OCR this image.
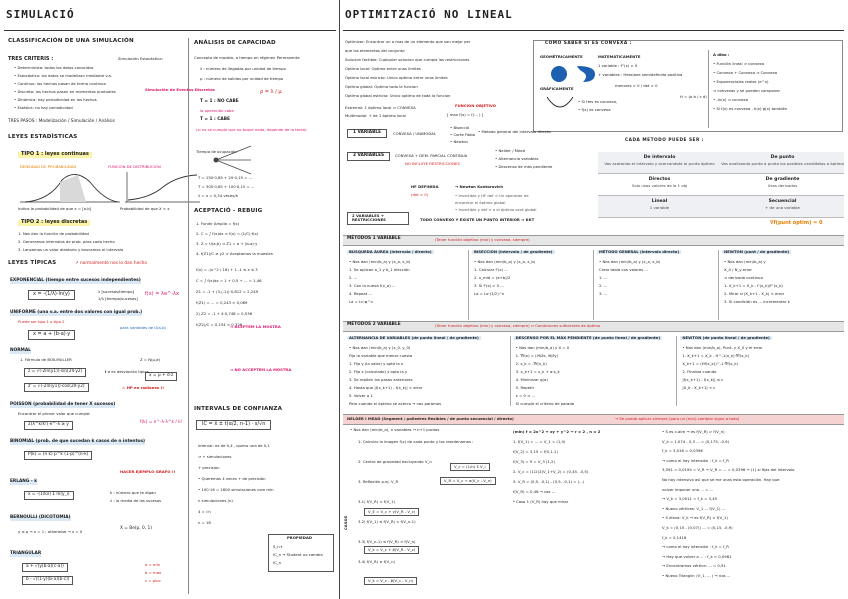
SIMULACIÓ
CLASSIFICACIÓN DE UNA SIMULACIÓN
TRES CRITERIS :
• Determinista: todos los datos conocidos
• Estocástico: los datos se modelizan mediante v.a.
• Continuo: los hechos pasan de forma continua
• Discreto: los hechos pasan en momentos puntuales
• Dinámica: hay periodicidad en los hechos
• Estática: no hay periodicidad
Simulación Estocástica:
Simulación de Eventos Discretos
TRES PASOS : Modelización / Simulación / Análisis
LEYES ESTADÍSTICAS
TIPO 1 : leyes continuas
DENSIDAD DE PROBABILIDAD	FUNCIÓN DE DISTRIBUCIÓN
Indica la probabilidad de que x = [a,b]	Probabilidad de que X < x
TIPO 2 : leyes discretas
1. Nos dan la función de probabilidad
2. Generamos intervalos de prob. para cada hecho
3. Lanzamos un valor aleatorio y buscamos el intervalo
LEYES TÍPICAS	↗ normalmente nos lo dan hecho
EXPONENCIAL (tiempo entre sucesos independientes)
x = -(1/λ)·ln(y)	λ [sucesos/tiempo]
1/λ [tiempo/sucesos]
f(x) = λe^-λx
UNIFORME (una v.a. entre dos valores con igual prob.)
Puede ser tipo 1 o tipo 2
x = a + (b-a)·y
para variables de U(a,b)
NORMAL
1. Fórmula de BOX-MULLER	Z = N(μ,σ)
z = √(-2ln(y1))·sin(2π·y2)
z' = √(-2ln(y1))·cos(2π·y2)
x = μ + σ·z
ℹ σ es desviación típica
⚠ HP en radianes !!
POISSON (probabilidad de tener X sucesos)
Encontrar el primer valor que cumple:
Σ(λ^k/k!)·e^-λ ≥ y	f(k) = e^-λ·λ^k / k!
BINOMIAL (prob. de que sucedan k casos de n intentos)
P(k) = (n k) p^k (1-p)^(n-k)
HACER EJEMPLO GRAFO !!
ERLANG - k
x = -(1/kλ) Σ ln(y_i)	k : número que te digan
λ : la media de los sucesos
BERNOULLI (DICOTOMIA)
X = Be(p, 0, 1)
y ≤ p → x = 1 ; otherwise → x = 0
TRIANGULAR
a + √(y(b-a)(c-a))
b - √((1-y)(b-a)(b-c))
a = min
b = max
c = pico
ANÁLISIS DE CAPACIDAD
Concepto de modelo, a tiempo en régimen Permanente
λ : número de llegadas por unidad de tiempo
μ : número de salidas por unidad de tiempo
ρ = λ / μ
T = 1 : NO CABE
la operación cabe
T = 1 : CABE
(si no se cumple que no toque nada, depende de la tarea)
Tiempo de ocupación
T = 150·0,85 + 20·0,15 = ...
T = 300·0,85 + 100·0,15 = ...
λ = x = 0,34 veces/h
ACEPTACIÓ - REBUIG
1. Fundir Amplia = f(x)
2. C = ∫ f(x)dx ⇒ f(x) = (1/C)·f(x)
3. Z = U(a,b) ⇒ Z1 = a + (b-a)·y
4. f(Z1)/C ≥ y2 ⇒ Aceptamos la muestra
f(x) = -(x^2 / 16) + 1 -1 ≤ x ≤ 3
C = ∫ f(x)dx = 1 + 0,5 + ... = 1,46
Z1 = -1 + (3-(-1))·0,812 = 2,249
f(Z1) = ... = 0,243 > 0,069
2) Z2 = -1 + 4·0,748 = 0,536
f(Z2)/C = 0,154 < 0,326
⇒ ACEPTEM LA MOSTRA
⇒ NO ACCEPTEM LA MOSTRA
INTERVALS DE CONFIANZA
IC = x̄ ± t(α/2, n-1) · s/√n
interval: ex de 0,4 , quiero una de 0,1
⇒ + simulaciones
+ precision
• Queremos 4 veces + de precisión
• 100·16 = 1600 simulaciones com mín
n simulaciones (n)
4 = √n
n = 16
PROPIEDAD
S_n·t
IC_n → Student no cambia
IC_n
OPTIMITZACIÓ NO LINEAL
Optimizar: Encontrar un o mas de un elemento que son mejor per
que los elementos del conjunto
Solucion factible: Cualquier solucion que cumpla las restricciones
Optimo local: Optimo entre unos limites
Optimo local estricto: Unico optimo entre unos limites
Optimo global: Optimo todo la funcion
Optimo global estricto: Unico optimo de toda la funcion
Extremal: 1 óptimo local ⇒ CONVEXA
Multimodal: + de 1 óptimo local
FUNCIÓN OBJETIVO
[ max f(x) = f(... ) ]
COMO SABER SI ES CONVEXA :
GEOMÉTRICAMENTE
GRÁFICAMENTE
• Si Hes es convexa,
• f(x) es convexa
MATEMÁTICAMENTE
1 variable : f''(x) > 0
+ variables : Hessiana semidefinida positiva
menores > 0 / det > 0
H = (a b / c d)
A dibo :
• Función lineal ⇒ convexa
• Convexa + Convexa ⇒ Convexa
• Exponenciales reales (e^x)
⇒ convexas y se pueden componer
• -ln(x) ⇒ convexa
• Si f(x) es convexa , h(x)·g(x) también
1 VARIABLE	CONVEXA / UNIMODAL
• Bisecció
• Corte Fibbo
• Newton
• Metodo general del intervalo directo
2 VARIABLES	CONVEXA + DEM. PARCIAL CONTINUA
NO INCLUYE RESTRICCIONES
• Nelder / Mead
• Alternancia variables
• Descenso de más pendiente
HF DEFINIDA
(det > 0)
→ Newton Kantorovich
• Invertible y HF def ⇒ Un operador de
encontrar el óptimo global
• Invertible y def ⇒ o el óptimo será global
2 VARIABLES + RESTRICCIONES	TODO CONVEXO Y EXISTE UN PUNTO INTERIOR ⇒ KKT
CADA METODO PUEDE SER :
De intervalo
Vas acotando el intervalo y acercandote al punto óptimo
De punto
Vas analizando punto a punto los posibles candidatos a óptimo
Directos
Solo usas valores de la f. obj
De gradiente
Usas derivadas
Lineal
1 variable
Secuencial
+ de una variable
∇f(punt òptim) = 0
MÉTODOS 1 VARIABLE	(Tener función objetivo (min) y convexa, siempre)
BÚSQUEDA ÁUREA (intervalo / directo)
• Nos dan (min/b_a) y (x_a, x_b)
1. Se aplican a_1 y b_1 elección
2. ...
3. Con la nueva f(x_a) ...
4. Repeat ...
La = Ln·φ^n
BISECCIÓN (intervalo / de gradiente)
• Nos dan (min/b_a) y (x_a, x_b)
1. Calcular f'(x) ...
2. x_mid = (a+b)/2
3. Si f'(x) > 0 ...
La = Lo·(1/2)^n
MÉTODO GENERAL (intervalo directo)
• Nos dan (min/b_a) y (x_a, x_b)
Crear tabla con valores ...
1. ...
2. ...
3. ...
NEWTON (punt / de gradiente)
• Nos dan (min/b_a) y
X_0 / N_y error
⇒ derivada continua
1. X_k+1 = X_k - f'(x_k)/f''(x_k)
2. Mirar si |X_k+1 - X_k| < error
3. Si condición es ... incrementar k
MÉTODOS 2 VARIABLE	(Tener función objetivo (min) y convexa, siempre) ⇒ Condiciones suficientes de óptimo
ALTERNANCIA DE VARIABLES (de punto lineal / de gradiente)
• Nos dan (min/b_a) y (x_0, y_0)
Fijo la variable que menor cuesta
1. Fijo y (la valor) y opto la x
2. Fijo x (calculado) y opto la y
3. Se repiten los pasos anteriores
4. Hasta que |f(x_k+1) - f(x_k)| < error
5. Volver a 1
Pero cuando el óptimo se acerca → nos paramos
DESCENSO POR EL MÁX PENDIENTE (de punto lineal / de gradiente)
• Nos dan (min/b_a) y X = 0
1. ∇f(x) = (∂f/∂x, ∂f/∂y)
2. s_k = -∇f(x_k)
3. x_k+1 = x_k + α·s_k
4. Minimizar g(α)
5. Repetir
x = 0 ⇒ ...
Si cumple el criterio de parada
NEWTON (de punto lineal / de gradiente)
• Nos dan (min/b_a), Punt. y X_0 y el error
1. X_k+1 = X_k - H^-1(x_k)·∇f(x_k)
X_k+1 = (Hf(x_k))^-1·∇f(x_k)
2. Finaliza cuando
|f(x_k+1) - f(x_k)| ≤ ε
|X_k - X_k+1| < ε
NELDER I MEAD (Segment / poliedres flexibles / de punto secuencial / directo)	→ Se puede aplicar siempre (para un (min) cambiar signo a todo)
• Nos dan (min/b_a), n variables → n+1 puntos
1. Calcular la imagen f(x) de cada punto y los reordenamos :
2. Centro de gravedad excluyendo V_n
3. Reflexión p.ej. V_R
3.1) f(V_R) < f(V_1)
3.2) f(V_1) ≤ f(V_R) < f(V_n-1)
3.3) f(V_n-1) ≤ f(V_R) < f(V_n)
3.4) f(V_R) ≥ f(V_n)
V_c = (1/n) Σ V_i
V_R = V_c + α(V_c - V_n)
V_E = V_c + γ(V_R - V_c)
V_k = V_c + β(V_R - V_c)
V_k = V_c - β(V_c - V_n)
CASOS
(min) f = 2x^2 + xy + y^2 → r = 2 , n = 2
1. f(V_1) = ... = V_1 = (1,0)
f(V_2) = 3,15 = f(0,1,1)
f(V_3) = 9 = V_3 (1,2)
2. V_c = (1/2)Σ(V_1+V_2) = (0,45, -0,5)
3. V_R = (0,5, -0,1) - (0,5, -0,1) = (...)
f(V_R) = 0,48 → cas ...
* Caso 1 (V_R) hay que mirar
• S es c-aire → es f(V_R) > f(V_n)
V_k = 1,074 - 0,3 ... = (0,175, -0,9)
f_k = 3,016 = 0,0396
→ como el hay intensión : f_k = f_R
3,091 = 0,0194 = V_R → V_R = ... = 0,0396 → (1) si fijas del intervalo
No hay intensivo así que se me unas esta operación. Hay que
volver imponer una ... = ...
→ V_k = 3,0011 = f_k = 3,45
• Nuevo vértices: V_1 ... f(V_1) ...
• S eleva: V_k → es f(V_R) < f(V_1)
V_k = (0,15 - (0,07)) ... = (0,15, -0,9)
f_k = 0,1416
→ como el hay intensión : f_k = f_R
→ Hay que volver a ... : f_k = 0,0981
→ Encontramos vértice: ... = 0,91
• Nuevo Triangle: (V_1, ... ) → nos ...
